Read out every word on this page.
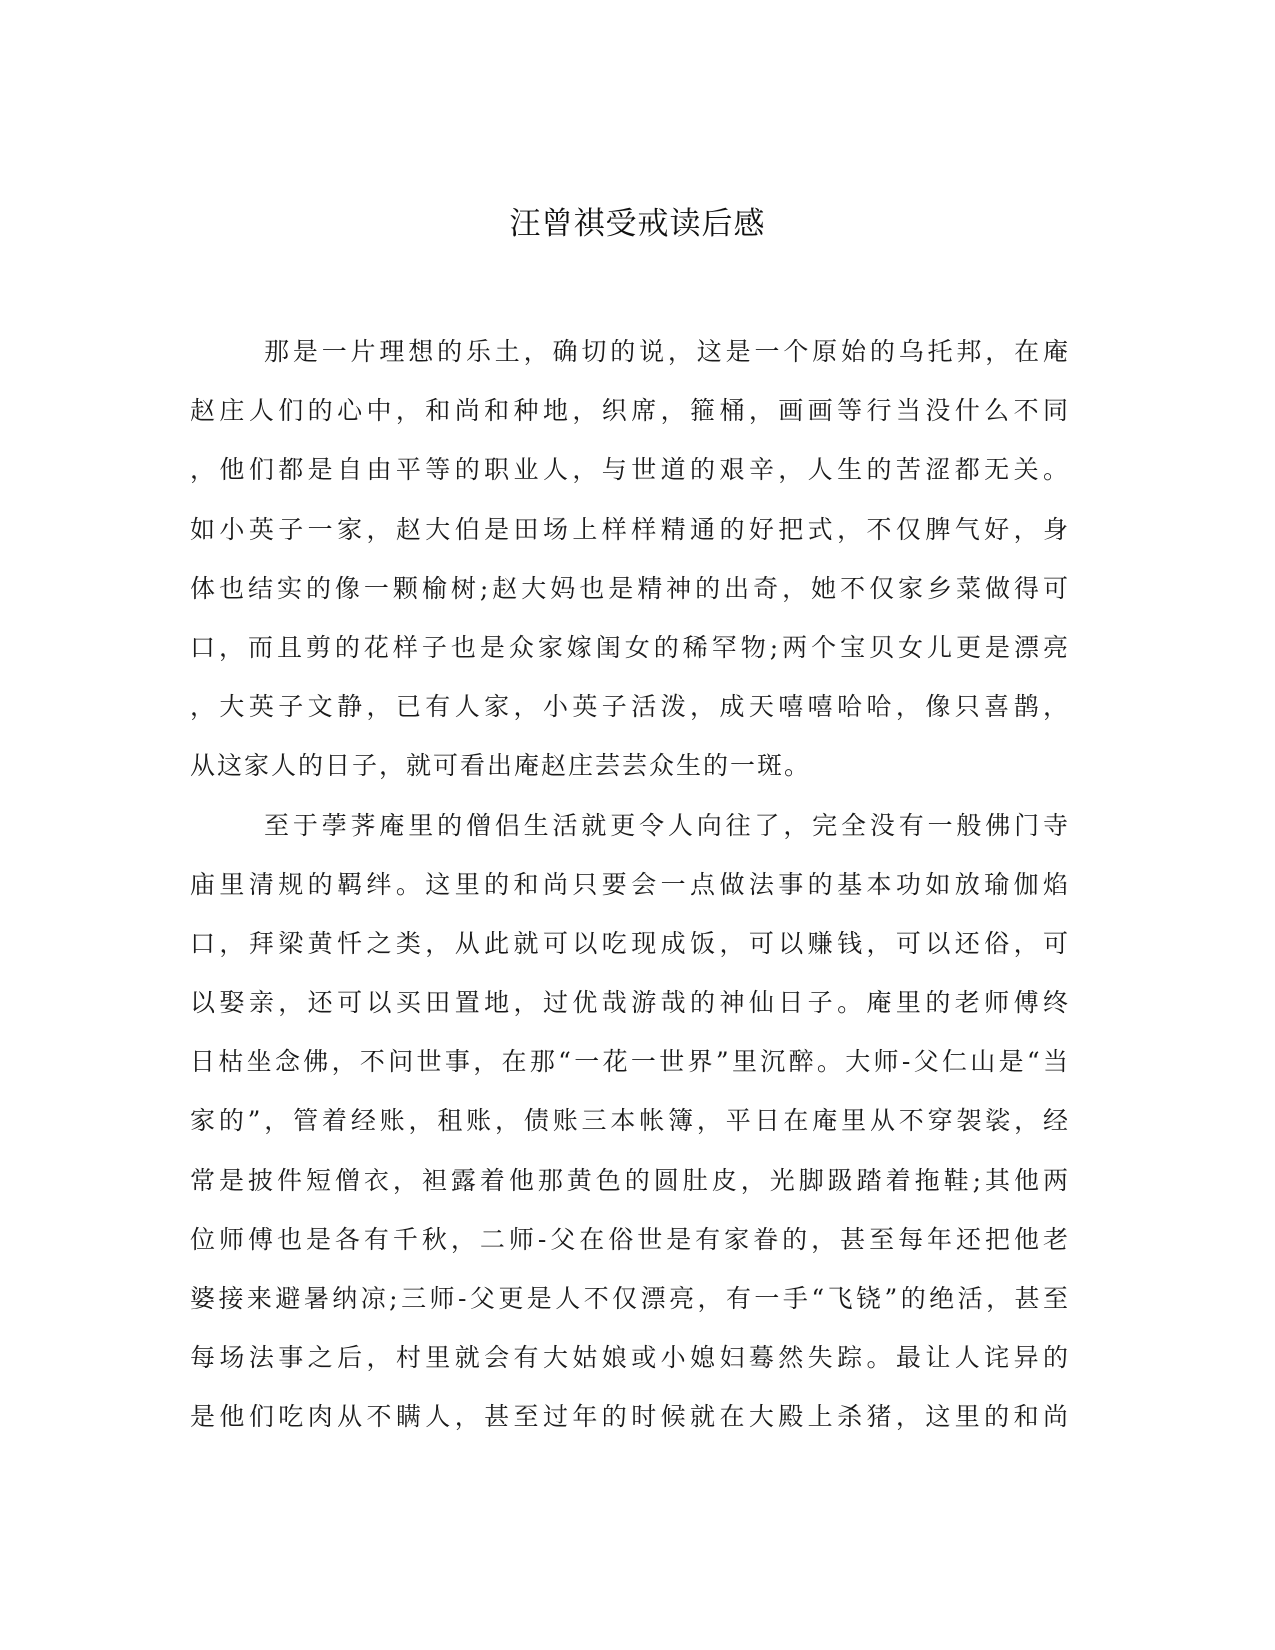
汪曾祺受戒读后感
那是一片理想的乐土，确切的说，这是一个原始的乌托邦，在庵
赵庄人们的心中，和尚和种地，织席，箍桶，画画等行当没什么不同
，他们都是自由平等的职业人，与世道的艰辛，人生的苦涩都无关。
如小英子一家，赵大伯是田场上样样精通的好把式，不仅脾气好，身
体也结实的像一颗榆树;赵大妈也是精神的出奇，她不仅家乡菜做得可
口，而且剪的花样子也是众家嫁闺女的稀罕物;两个宝贝女儿更是漂亮
，大英子文静，已有人家，小英子活泼，成天嘻嘻哈哈，像只喜鹊，
从这家人的日子，就可看出庵赵庄芸芸众生的一斑。
至于荸荠庵里的僧侣生活就更令人向往了，完全没有一般佛门寺
庙里清规的羁绊。这里的和尚只要会一点做法事的基本功如放瑜伽焰
口，拜梁黄忏之类，从此就可以吃现成饭，可以赚钱，可以还俗，可
以娶亲，还可以买田置地，过优哉游哉的神仙日子。庵里的老师傅终
日枯坐念佛，不问世事，在那“一花一世界”里沉醉。大师-父仁山是“当
家的”，管着经账，租账，债账三本帐簿，平日在庵里从不穿袈裟，经
常是披件短僧衣，袒露着他那黄色的圆肚皮，光脚趿踏着拖鞋;其他两
位师傅也是各有千秋，二师-父在俗世是有家眷的，甚至每年还把他老
婆接来避暑纳凉;三师-父更是人不仅漂亮，有一手“飞铙”的绝活，甚至
每场法事之后，村里就会有大姑娘或小媳妇蓦然失踪。最让人诧异的
是他们吃肉从不瞒人，甚至过年的时候就在大殿上杀猪，这里的和尚
